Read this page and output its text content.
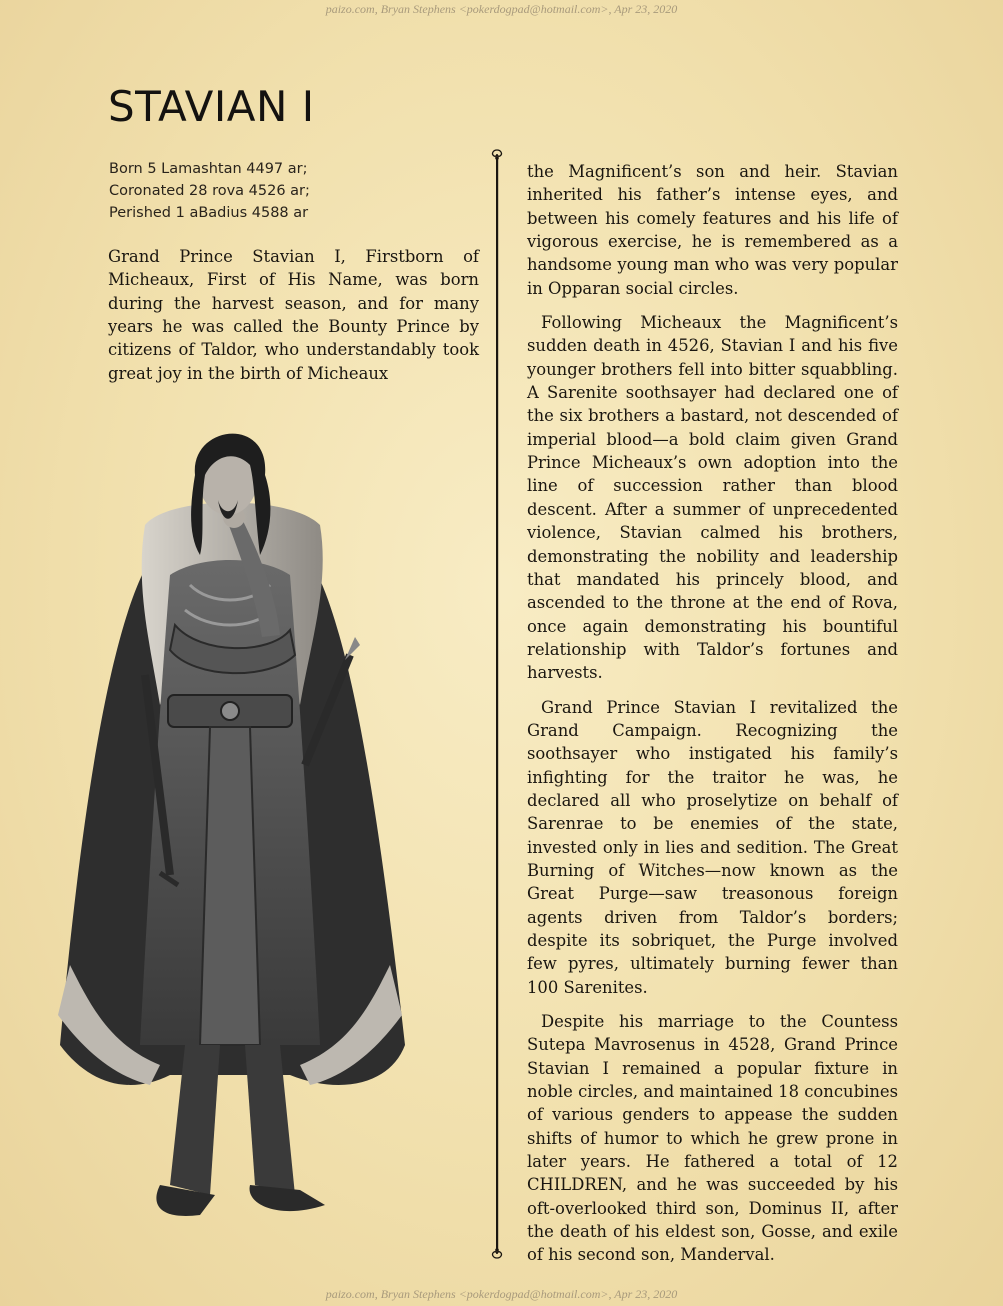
paizo.com, Bryan Stephens <pokerdogpad@hotmail.com>, Apr 23, 2020
STAVIAN I
Born 5 Lamashtan 4497 ar;
Coronated 28 rova 4526 ar;
Perished 1 aBadius 4588 ar

Grand Prince Stavian I, Firstborn of Micheaux, First of His Name, was born during the harvest season, and for many years he was called the Bounty Prince by citizens of Taldor, who understandably took great joy in the birth of Micheaux

the Magnificent’s son and heir. Stavian inherited his father’s intense eyes, and between his comely features and his life of vigorous exercise, he is remembered as a handsome young man who was very popular in Opparan social circles.

Following Micheaux the Magnificent’s sudden death in 4526, Stavian I and his five younger brothers fell into bitter squabbling. A Sarenite soothsayer had declared one of the six brothers a bastard, not descended of imperial blood—a bold claim given Grand Prince Micheaux’s own adoption into the line of succession rather than blood descent. After a summer of unprecedented violence, Stavian calmed his brothers, demonstrating the nobility and leadership that mandated his princely blood, and ascended to the throne at the end of Rova, once again demonstrating his bountiful relationship with Taldor’s fortunes and harvests.

Grand Prince Stavian I revitalized the Grand Campaign. Recognizing the soothsayer who instigated his family’s infighting for the traitor he was, he declared all who proselytize on behalf of Sarenrae to be enemies of the state, invested only in lies and sedition. The Great Burning of Witches—now known as the Great Purge—saw treasonous foreign agents driven from Taldor’s borders; despite its sobriquet, the Purge involved few pyres, ultimately burning fewer than 100 Sarenites.

Despite his marriage to the Countess Sutepa Mavrosenus in 4528, Grand Prince Stavian I remained a popular fixture in noble circles, and maintained 18 concubines of various genders to appease the sudden shifts of humor to which he grew prone in later years. He fathered a total of 12 CHILDREN, and he was succeeded by his oft-overlooked third son, Dominus II, after the death of his eldest son, Gosse, and exile of his second son, Manderval.

paizo.com, Bryan Stephens <pokerdogpad@hotmail.com>, Apr 23, 2020
